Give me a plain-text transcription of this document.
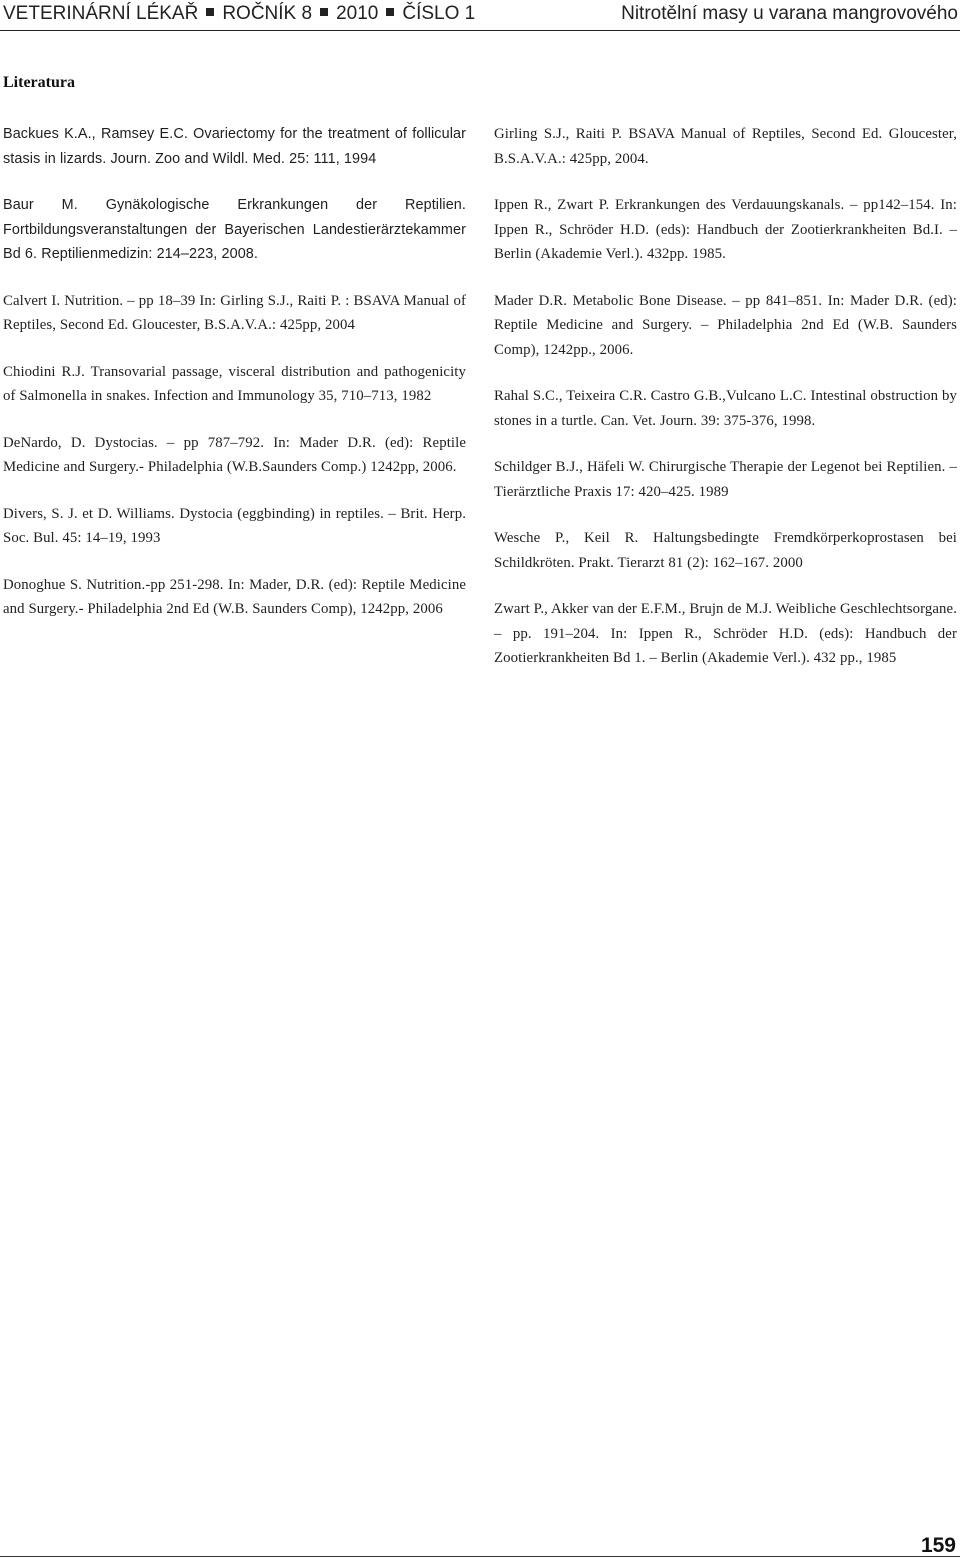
VETERINÁRNÍ LÉKAŘ ROČNÍK 8 2010 ČÍSLO 1	Nitrotělní masy u varana mangrovového
Literatura

Backues K.A., Ramsey E.C. Ovariectomy for the treatment of follicular stasis in lizards. Journ. Zoo and Wildl. Med. 25: 111, 1994

Baur M. Gynäkologische Erkrankungen der Reptilien. Fortbildungsveranstaltungen der Bayerischen Landestierärztekammer Bd 6. Reptilienmedizin: 214–223, 2008.

Calvert I. Nutrition. – pp 18–39 In: Girling S.J., Raiti P. : BSAVA Manual of Reptiles, Second Ed. Gloucester, B.S.A.V.A.: 425pp, 2004

Chiodini R.J. Transovarial passage, visceral distribution and pathogenicity of Salmonella in snakes. Infection and Immunology 35, 710–713, 1982

DeNardo, D. Dystocias. – pp 787–792. In: Mader D.R. (ed): Reptile Medicine and Surgery.- Philadelphia (W.B.Saunders Comp.) 1242pp, 2006.

Divers, S. J. et D. Williams. Dystocia (eggbinding) in reptiles. – Brit. Herp. Soc. Bul. 45: 14–19, 1993

Donoghue S. Nutrition.-pp 251-298. In: Mader, D.R. (ed): Reptile Medicine and Surgery.- Philadelphia 2nd Ed (W.B. Saunders Comp), 1242pp, 2006

Girling S.J., Raiti P. BSAVA Manual of Reptiles, Second Ed. Gloucester, B.S.A.V.A.: 425pp, 2004.

Ippen R., Zwart P. Erkrankungen des Verdauungskanals. – pp142–154. In: Ippen R., Schröder H.D. (eds): Handbuch der Zootierkrankheiten Bd.I. – Berlin (Akademie Verl.). 432pp. 1985.

Mader D.R. Metabolic Bone Disease. – pp 841–851. In: Mader D.R. (ed): Reptile Medicine and Surgery. – Philadelphia 2nd Ed (W.B. Saunders Comp), 1242pp., 2006.

Rahal S.C., Teixeira C.R. Castro G.B.,Vulcano L.C. Intestinal obstruction by stones in a turtle. Can. Vet. Journ. 39: 375-376, 1998.

Schildger B.J., Häfeli W. Chirurgische Therapie der Legenot bei Reptilien. – Tierärztliche Praxis 17: 420–425. 1989

Wesche P., Keil R. Haltungsbedingte Fremdkörperkoprostasen bei Schildkröten. Prakt. Tierarzt 81 (2): 162–167. 2000

Zwart P., Akker van der E.F.M., Brujn de M.J. Weibliche Geschlechtsorgane. – pp. 191–204. In: Ippen R., Schröder H.D. (eds): Handbuch der Zootierkrankheiten Bd 1. – Berlin (Akademie Verl.). 432 pp., 1985

159
